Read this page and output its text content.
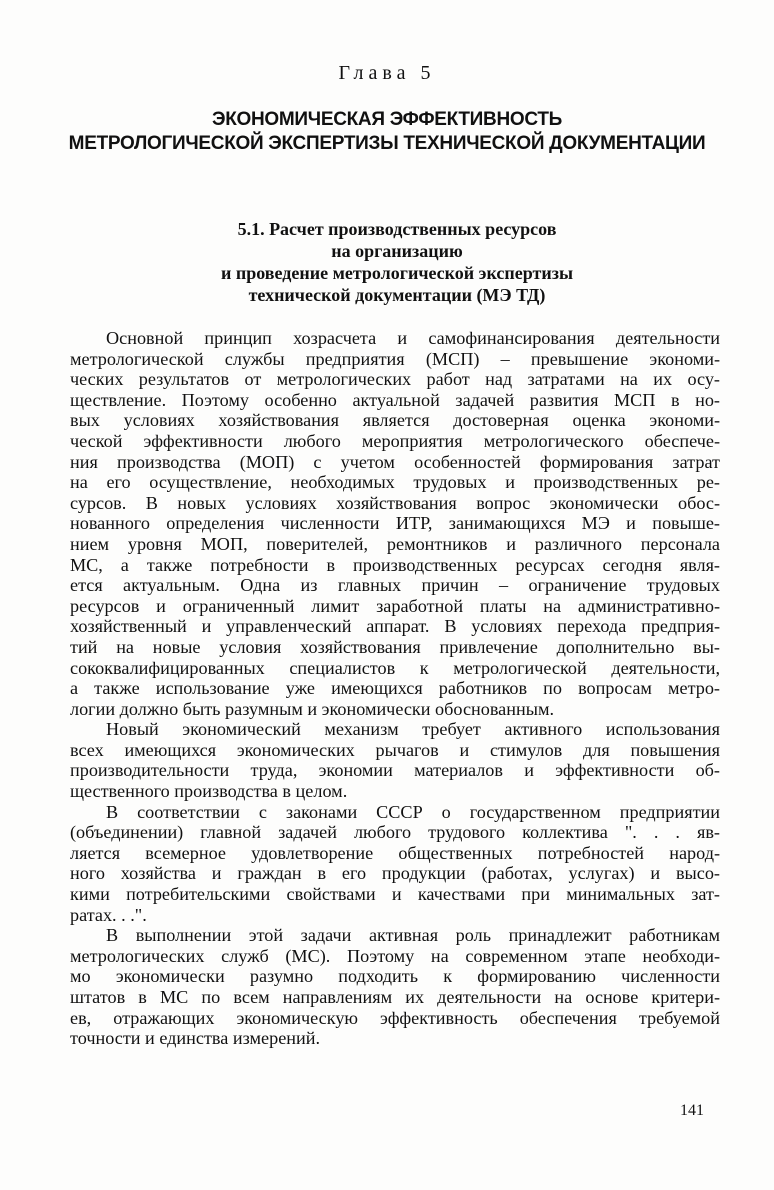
Глава 5
ЭКОНОМИЧЕСКАЯ ЭФФЕКТИВНОСТЬ
МЕТРОЛОГИЧЕСКОЙ ЭКСПЕРТИЗЫ ТЕХНИЧЕСКОЙ ДОКУМЕНТАЦИИ
5.1. Расчет производственных ресурсов
на организацию
и проведение метрологической экспертизы
технической документации (МЭ ТД)
Основной принцип хозрасчета и самофинансирования деятельности
метрологической службы предприятия (МСП) – превышение экономи-
ческих результатов от метрологических работ над затратами на их осу-
ществление. Поэтому особенно актуальной задачей развития МСП в но-
вых условиях хозяйствования является достоверная оценка экономи-
ческой эффективности любого мероприятия метрологического обеспече-
ния производства (МОП) с учетом особенностей формирования затрат
на его осуществление, необходимых трудовых и производственных ре-
сурсов. В новых условиях хозяйствования вопрос экономически обос-
нованного определения численности ИТР, занимающихся МЭ и повыше-
нием уровня МОП, поверителей, ремонтников и различного персонала
МС, а также потребности в производственных ресурсах сегодня явля-
ется актуальным. Одна из главных причин – ограничение трудовых
ресурсов и ограниченный лимит заработной платы на административно-
хозяйственный и управленческий аппарат. В условиях перехода предприя-
тий на новые условия хозяйствования привлечение дополнительно вы-
сококвалифицированных специалистов к метрологической деятельности,
а также использование уже имеющихся работников по вопросам метро-
логии должно быть разумным и экономически обоснованным.
Новый экономический механизм требует активного использования
всех имеющихся экономических рычагов и стимулов для повышения
производительности труда, экономии материалов и эффективности об-
щественного производства в целом.
В соответствии с законами СССР о государственном предприятии
(объединении) главной задачей любого трудового коллектива ". . . яв-
ляется всемерное удовлетворение общественных потребностей народ-
ного хозяйства и граждан в его продукции (работах, услугах) и высо-
кими потребительскими свойствами и качествами при минимальных зат-
ратах. . .".
В выполнении этой задачи активная роль принадлежит работникам
метрологических служб (МС). Поэтому на современном этапе необходи-
мо экономически разумно подходить к формированию численности
штатов в МС по всем направлениям их деятельности на основе критери-
ев, отражающих экономическую эффективность обеспечения требуемой
точности и единства измерений.
141
